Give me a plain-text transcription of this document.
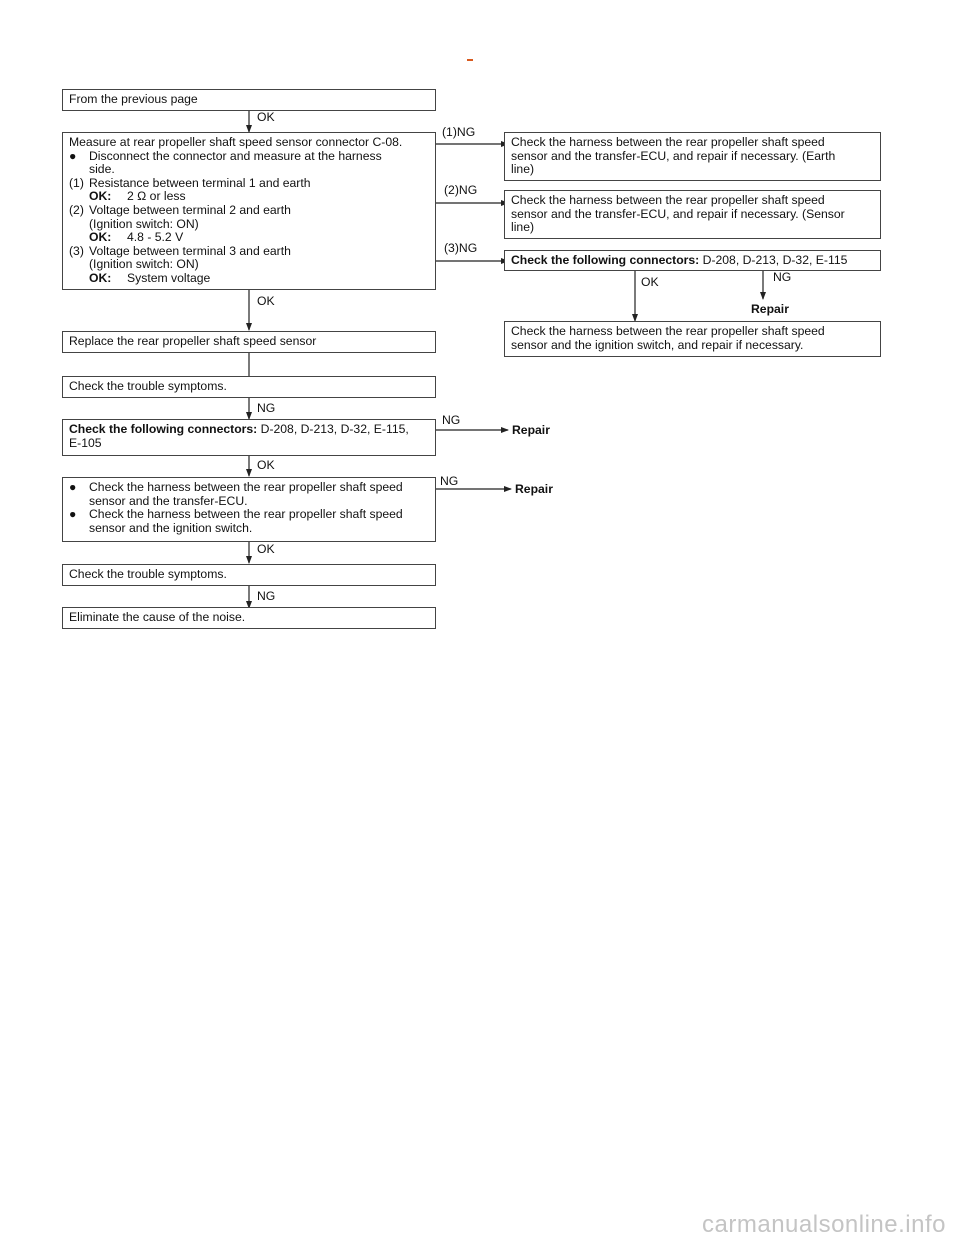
From the previous page
Measure at rear propeller shaft speed sensor connector C-08.
● Disconnect the connector and measure at the harness
side.
(1) Resistance between terminal 1 and earth
OK: 2 Ω or less
(2) Voltage between terminal 2 and earth
(Ignition switch: ON)
OK: 4.8 - 5.2 V
(3) Voltage between terminal 3 and earth
(Ignition switch: ON)
OK: System voltage
Check the harness between the rear propeller shaft speed
sensor and the transfer-ECU, and repair if necessary. (Earth
line)
Check the harness between the rear propeller shaft speed
sensor and the transfer-ECU, and repair if necessary. (Sensor
line)
Check the following connectors: D-208, D-213, D-32, E-115
Check the harness between the rear propeller shaft speed
sensor and the ignition switch, and repair if necessary.
Replace the rear propeller shaft speed sensor
Check the trouble symptoms.
Check the following connectors: D-208, D-213, D-32, E-115,
E-105
● Check the harness between the rear propeller shaft speed
sensor and the transfer-ECU.
● Check the harness between the rear propeller shaft speed
sensor and the ignition switch.
Check the trouble symptoms.
Eliminate the cause of the noise.
OK
(1)NG
(2)NG
(3)NG
OK	NG
Repair
OK
NG
NG
Repair
OK
NG
Repair
OK
NG
carmanualsonline.info
